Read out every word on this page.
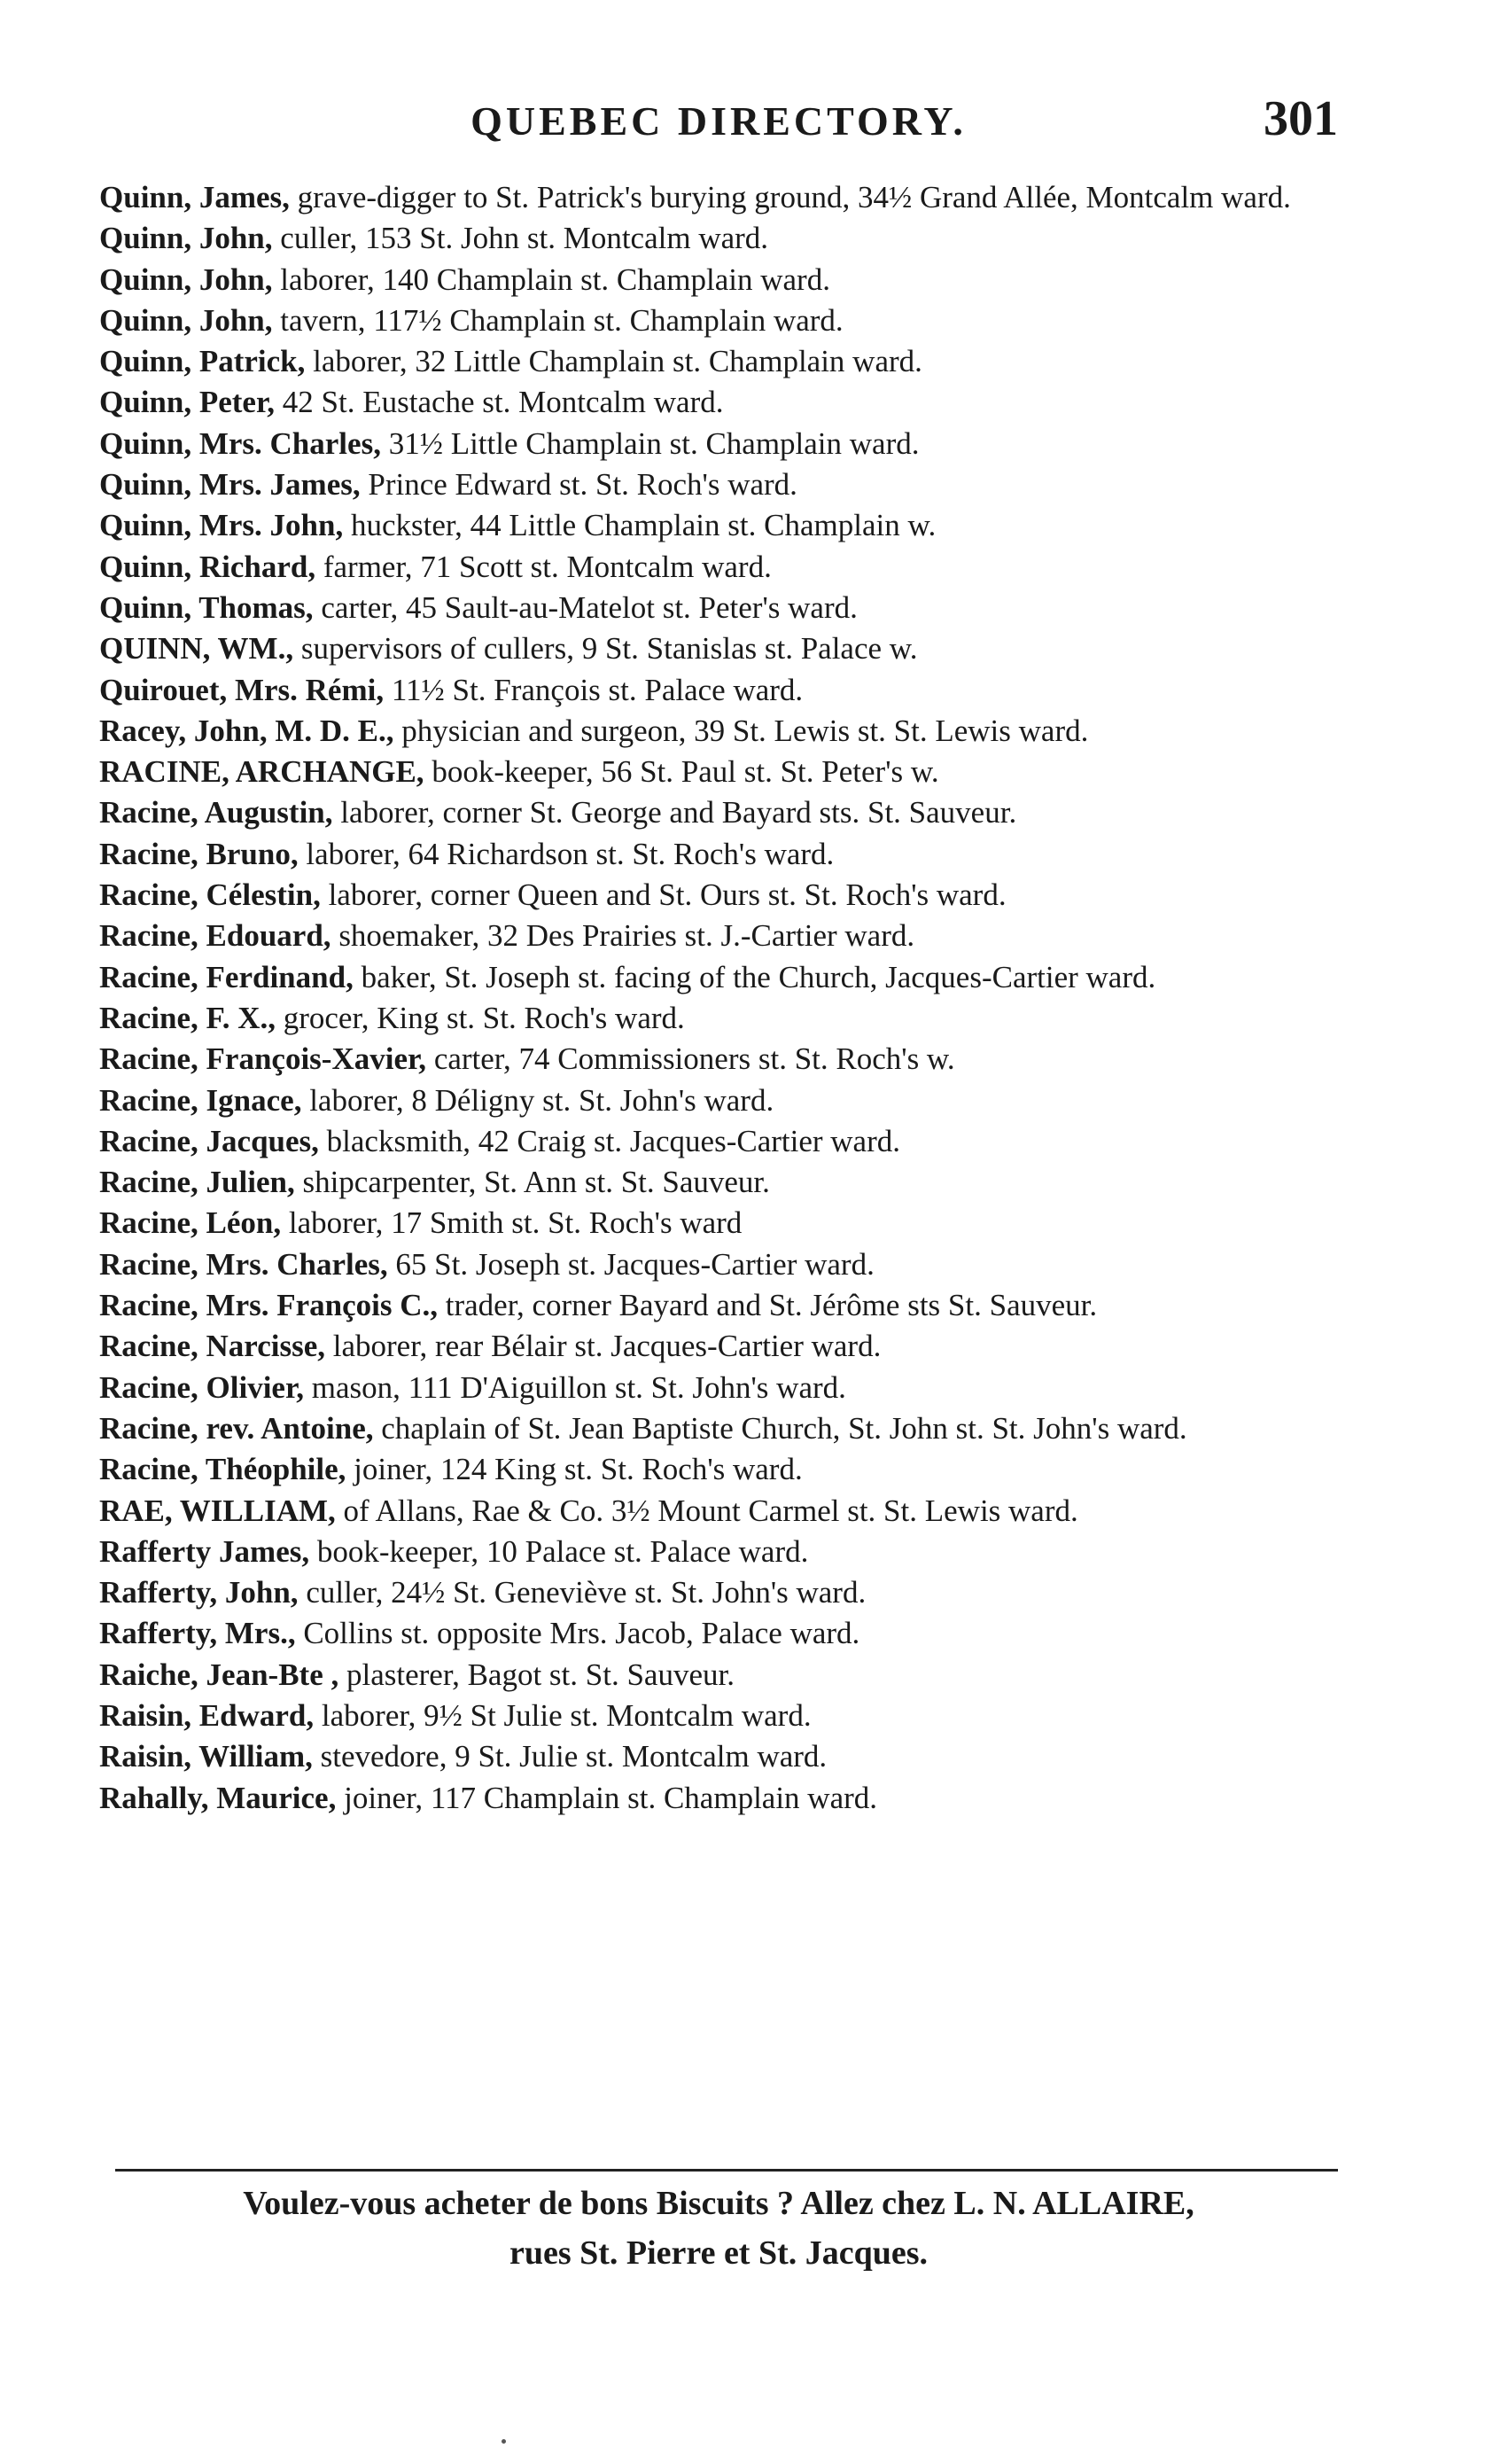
QUEBEC DIRECTORY.	301
Quinn, James, grave-digger to St. Patrick's burying ground, 34½ Grand Allée, Montcalm ward.
Quinn, John, culler, 153 St. John st. Montcalm ward.
Quinn, John, laborer, 140 Champlain st. Champlain ward.
Quinn, John, tavern, 117½ Champlain st. Champlain ward.
Quinn, Patrick, laborer, 32 Little Champlain st. Champlain ward.
Quinn, Peter, 42 St. Eustache st. Montcalm ward.
Quinn, Mrs. Charles, 31½ Little Champlain st. Champlain ward.
Quinn, Mrs. James, Prince Edward st. St. Roch's ward.
Quinn, Mrs. John, huckster, 44 Little Champlain st. Champlain w.
Quinn, Richard, farmer, 71 Scott st. Montcalm ward.
Quinn, Thomas, carter, 45 Sault-au-Matelot st. Peter's ward.
QUINN, WM., supervisors of cullers, 9 St. Stanislas st. Palace w.
Quirouet, Mrs. Rémi, 11½ St. François st. Palace ward.
Racey, John, M. D. E., physician and surgeon, 39 St. Lewis st. St. Lewis ward.
RACINE, ARCHANGE, book-keeper, 56 St. Paul st. St. Peter's w.
Racine, Augustin, laborer, corner St. George and Bayard sts. St. Sauveur.
Racine, Bruno, laborer, 64 Richardson st. St. Roch's ward.
Racine, Célestin, laborer, corner Queen and St. Ours st. St. Roch's ward.
Racine, Edouard, shoemaker, 32 Des Prairies st. J.-Cartier ward.
Racine, Ferdinand, baker, St. Joseph st. facing of the Church, Jacques-Cartier ward.
Racine, F. X., grocer, King st. St. Roch's ward.
Racine, François-Xavier, carter, 74 Commissioners st. St. Roch's w.
Racine, Ignace, laborer, 8 Déligny st. St. John's ward.
Racine, Jacques, blacksmith, 42 Craig st. Jacques-Cartier ward.
Racine, Julien, shipcarpenter, St. Ann st. St. Sauveur.
Racine, Léon, laborer, 17 Smith st. St. Roch's ward
Racine, Mrs. Charles, 65 St. Joseph st. Jacques-Cartier ward.
Racine, Mrs. François C., trader, corner Bayard and St. Jérôme sts St. Sauveur.
Racine, Narcisse, laborer, rear Bélair st. Jacques-Cartier ward.
Racine, Olivier, mason, 111 D'Aiguillon st. St. John's ward.
Racine, rev. Antoine, chaplain of St. Jean Baptiste Church, St. John st. St. John's ward.
Racine, Théophile, joiner, 124 King st. St. Roch's ward.
RAE, WILLIAM, of Allans, Rae & Co. 3½ Mount Carmel st. St. Lewis ward.
Rafferty James, book-keeper, 10 Palace st. Palace ward.
Rafferty, John, culler, 24½ St. Geneviève st. St. John's ward.
Rafferty, Mrs., Collins st. opposite Mrs. Jacob, Palace ward.
Raiche, Jean-Bte , plasterer, Bagot st. St. Sauveur.
Raisin, Edward, laborer, 9½ St Julie st. Montcalm ward.
Raisin, William, stevedore, 9 St. Julie st. Montcalm ward.
Rahally, Maurice, joiner, 117 Champlain st. Champlain ward.
Voulez-vous acheter de bons Biscuits ? Allez chez L. N. ALLAIRE,
rues St. Pierre et St. Jacques.
